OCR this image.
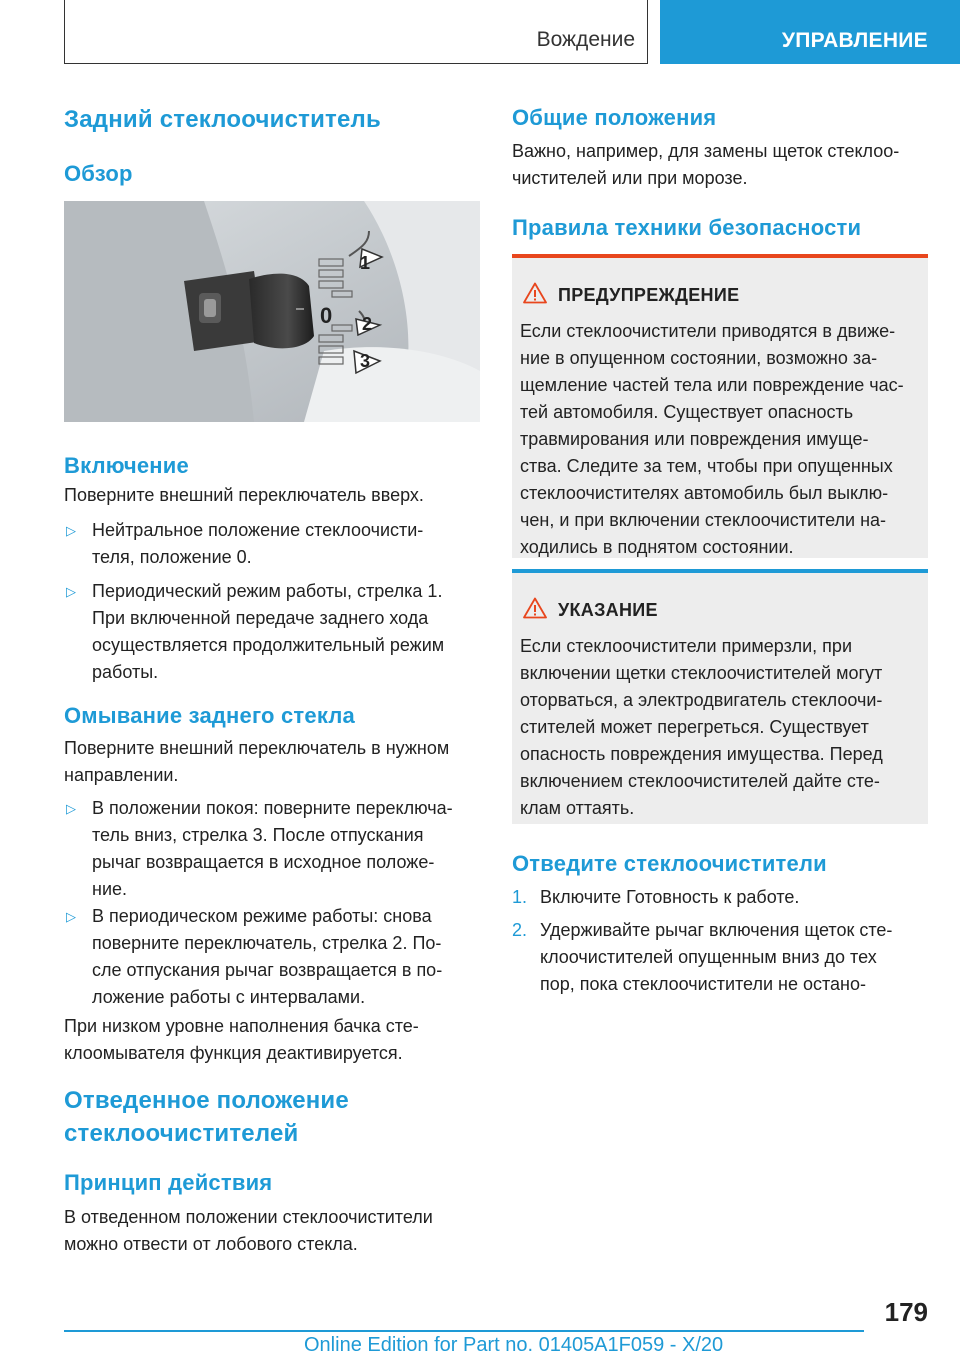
Вождение	УПРАВЛЕНИЕ
Задний стеклоочиститель
Обзор
1
0 2
3
Включение
Поверните внешний переключатель вверх.
▷ Нейтральное положение стеклоочисти-
теля, положение 0.
▷ Периодический режим работы, стрелка 1.
При включенной передаче заднего хода
осуществляется продолжительный режим
работы.
Омывание заднего стекла
Поверните внешний переключатель в нужном
направлении.
▷ В положении покоя: поверните переключа-
тель вниз, стрелка 3. После отпускания
рычаг возвращается в исходное положе-
ние.
▷ В периодическом режиме работы: снова
поверните переключатель, стрелка 2. По-
сле отпускания рычаг возвращается в по-
ложение работы с интервалами.
При низком уровне наполнения бачка сте-
клоомывателя функция деактивируется.
Отведенное положение
стеклоочистителей
Принцип действия
В отведенном положении стеклоочистители
можно отвести от лобового стекла.
Общие положения
Важно, например, для замены щеток стеклоо-
чистителей или при морозе.
Правила техники безопасности
ПРЕДУПРЕЖДЕНИЕ
Если стеклоочистители приводятся в движе-
ние в опущенном состоянии, возможно за-
щемление частей тела или повреждение час-
тей автомобиля. Существует опасность
травмирования или повреждения имуще-
ства. Следите за тем, чтобы при опущенных
стеклоочистителях автомобиль был выклю-
чен, и при включении стеклоочистители на-
ходились в поднятом состоянии.
УКАЗАНИЕ
Если стеклоочистители примерзли, при
включении щетки стеклоочистителей могут
оторваться, а электродвигатель стеклоочи-
стителей может перегреться. Существует
опасность повреждения имущества. Перед
включением стеклоочистителей дайте сте-
клам оттаять.
Отведите стеклоочистители
1. Включите Готовность к работе.
2. Удерживайте рычаг включения щеток сте-
клоочистителей опущенным вниз до тех
пор, пока стеклоочистители не остано-
179
Online Edition for Part no. 01405A1F059 - X/20
